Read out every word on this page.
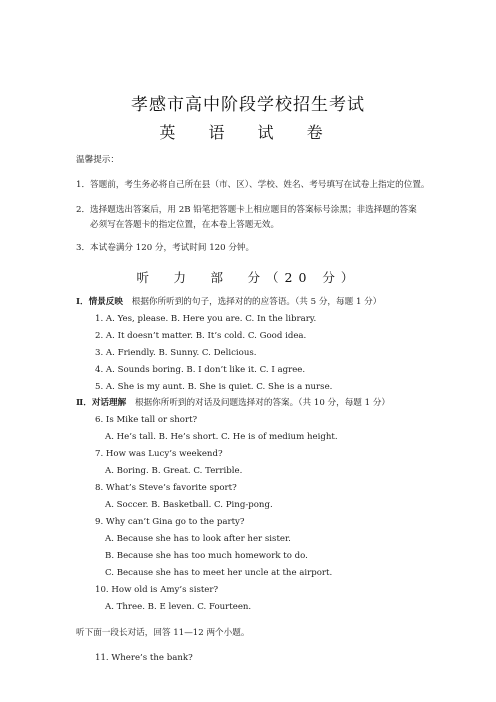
孝感市高中阶段学校招生考试
英 语 试 卷
温馨提示：
1．答题前，考生务必将自己所在县（市、区）、学校、姓名、考号填写在试卷上指定的位置。
2．选择题选出答案后，用 2B 铅笔把答题卡上相应题目的答案标号涂黑；非选择题的答案
必须写在答题卡的指定位置，在本卷上答题无效。
3．本试卷满分 120 分，考试时间 120 分钟。
听　力　部　分（20 分）
I．情景反映 根据你所听到的句子，选择对的的应答语。（共 5 分，每题 1 分）
1. A. Yes, please. B. Here you are. C. In the library.
2. A. It doesn’t matter. B. It’s cold. C. Good idea.
3. A. Friendly. B. Sunny. C. Delicious.
4. A. Sounds boring. B. I don’t like it. C. I agree.
5. A. She is my aunt. B. She is quiet. C. She is a nurse.
Ⅱ．对话理解 根据你所听到的对话及问题选择对的答案。（共 10 分，每题 1 分）
6. Is Mike tall or short?
A. He’s tall. B. He’s short. C. He is of medium height.
7. How was Lucy’s weekend?
A. Boring. B. Great. C. Terrible.
8. What’s Steve’s favorite sport?
A. Soccer. B. Basketball. C. Ping-pong.
9. Why can’t Gina go to the party?
A. Because she has to look after her sister.
B. Because she has too much homework to do.
C. Because she has to meet her uncle at the airport.
10. How old is Amy’s sister?
A. Three. B. E leven. C. Fourteen.
听下面一段长对话，回答 11—12 两个小题。
11. Where’s the bank?
